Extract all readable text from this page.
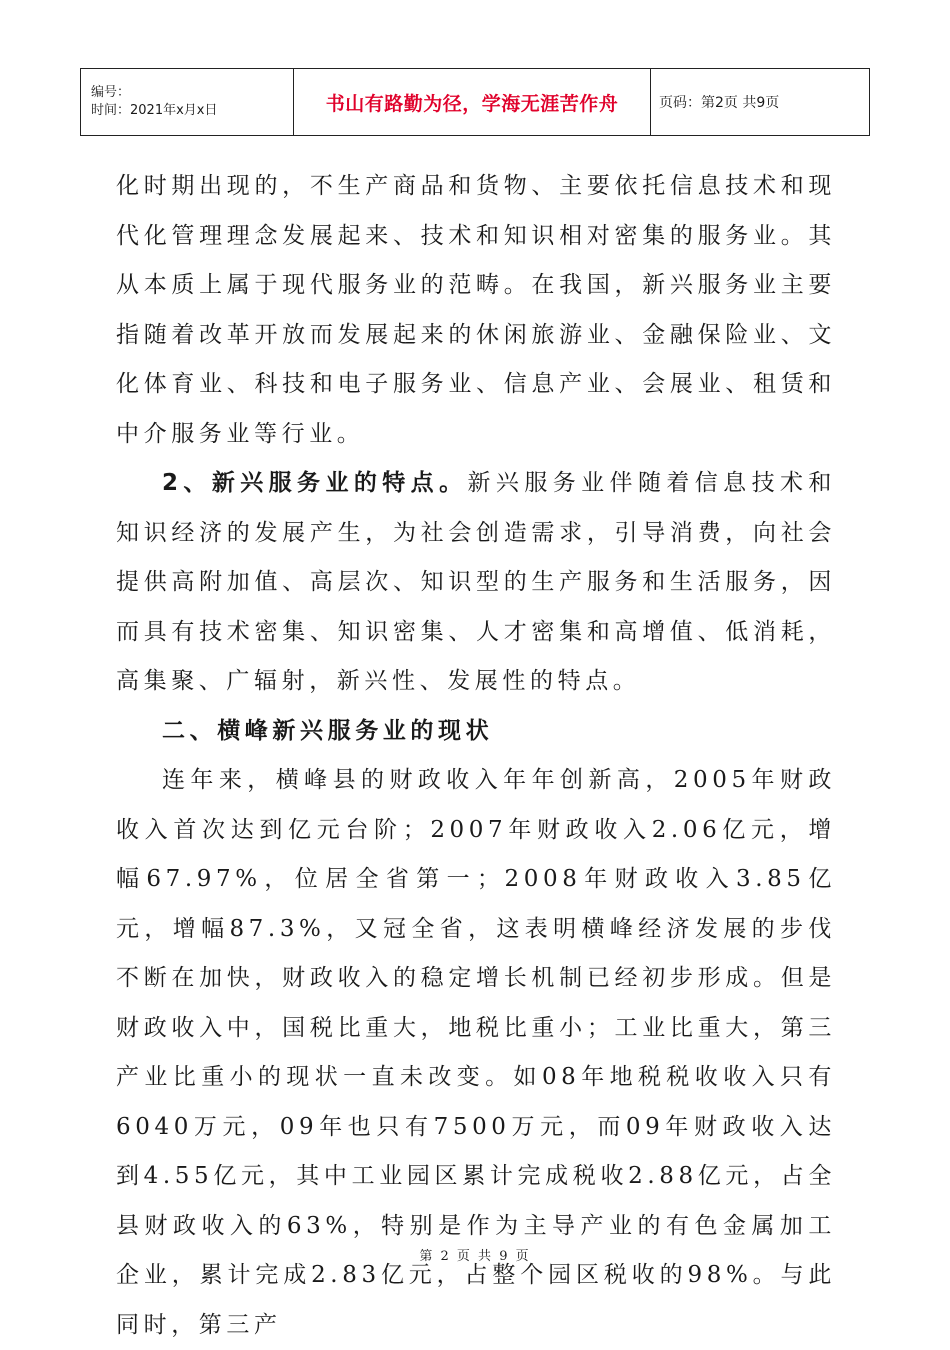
编号：
时间：2021年x月x日	书山有路勤为径，学海无涯苦作舟	页码：第2页 共9页

化时期出现的，不生产商品和货物、主要依托信息技术和现代化管理理念发展起来、技术和知识相对密集的服务业。其从本质上属于现代服务业的范畴。在我国，新兴服务业主要指随着改革开放而发展起来的休闲旅游业、金融保险业、文化体育业、科技和电子服务业、信息产业、会展业、租赁和中介服务业等行业。

2、新兴服务业的特点。新兴服务业伴随着信息技术和知识经济的发展产生，为社会创造需求，引导消费，向社会提供高附加值、高层次、知识型的生产服务和生活服务，因而具有技术密集、知识密集、人才密集和高增值、低消耗，高集聚、广辐射，新兴性、发展性的特点。

二、横峰新兴服务业的现状

连年来，横峰县的财政收入年年创新高，2005年财政收入首次达到亿元台阶；2007年财政收入2.06亿元，增幅67.97%，位居全省第一；2008年财政收入3.85亿元，增幅87.3%，又冠全省，这表明横峰经济发展的步伐不断在加快，财政收入的稳定增长机制已经初步形成。但是财政收入中，国税比重大，地税比重小；工业比重大，第三产业比重小的现状一直未改变。如08年地税税收收入只有6040万元，09年也只有7500万元，而09年财政收入达到4.55亿元，其中工业园区累计完成税收2.88亿元，占全县财政收入的63%，特别是作为主导产业的有色金属加工企业，累计完成2.83亿元，占整个园区税收的98%。与此同时，第三产

第 2 页 共 9 页
